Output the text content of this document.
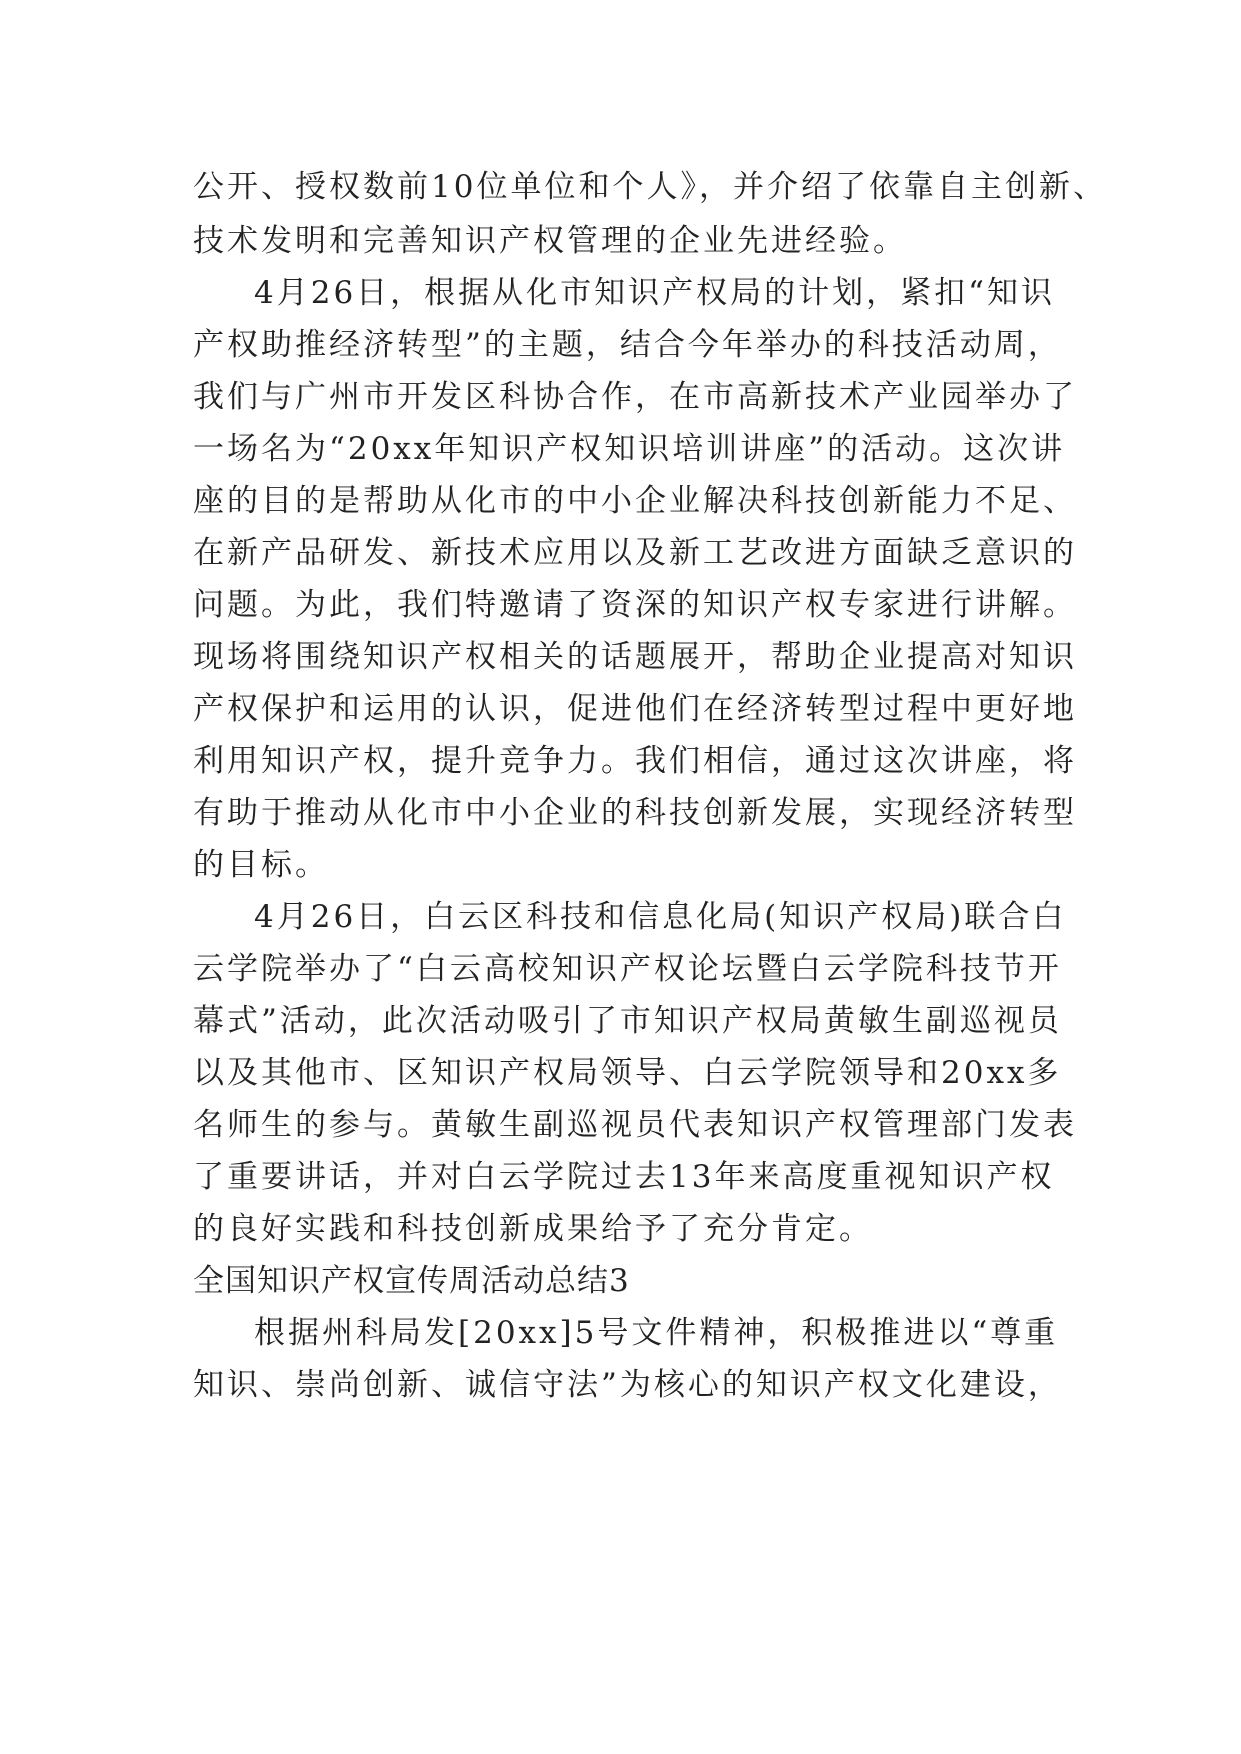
公开、授权数前10位单位和个人》，并介绍了依靠自主创新、
技术发明和完善知识产权管理的企业先进经验。
4月26日，根据从化市知识产权局的计划，紧扣“知识
产权助推经济转型”的主题，结合今年举办的科技活动周，
我们与广州市开发区科协合作，在市高新技术产业园举办了
一场名为“20xx年知识产权知识培训讲座”的活动。这次讲
座的目的是帮助从化市的中小企业解决科技创新能力不足、
在新产品研发、新技术应用以及新工艺改进方面缺乏意识的
问题。为此，我们特邀请了资深的知识产权专家进行讲解。
现场将围绕知识产权相关的话题展开，帮助企业提高对知识
产权保护和运用的认识，促进他们在经济转型过程中更好地
利用知识产权，提升竞争力。我们相信，通过这次讲座，将
有助于推动从化市中小企业的科技创新发展，实现经济转型
的目标。
4月26日，白云区科技和信息化局(知识产权局)联合白
云学院举办了“白云高校知识产权论坛暨白云学院科技节开
幕式”活动，此次活动吸引了市知识产权局黄敏生副巡视员
以及其他市、区知识产权局领导、白云学院领导和20xx多
名师生的参与。黄敏生副巡视员代表知识产权管理部门发表
了重要讲话，并对白云学院过去13年来高度重视知识产权
的良好实践和科技创新成果给予了充分肯定。
全国知识产权宣传周活动总结3
根据州科局发[20xx]5号文件精神，积极推进以“尊重
知识、崇尚创新、诚信守法”为核心的知识产权文化建设，
